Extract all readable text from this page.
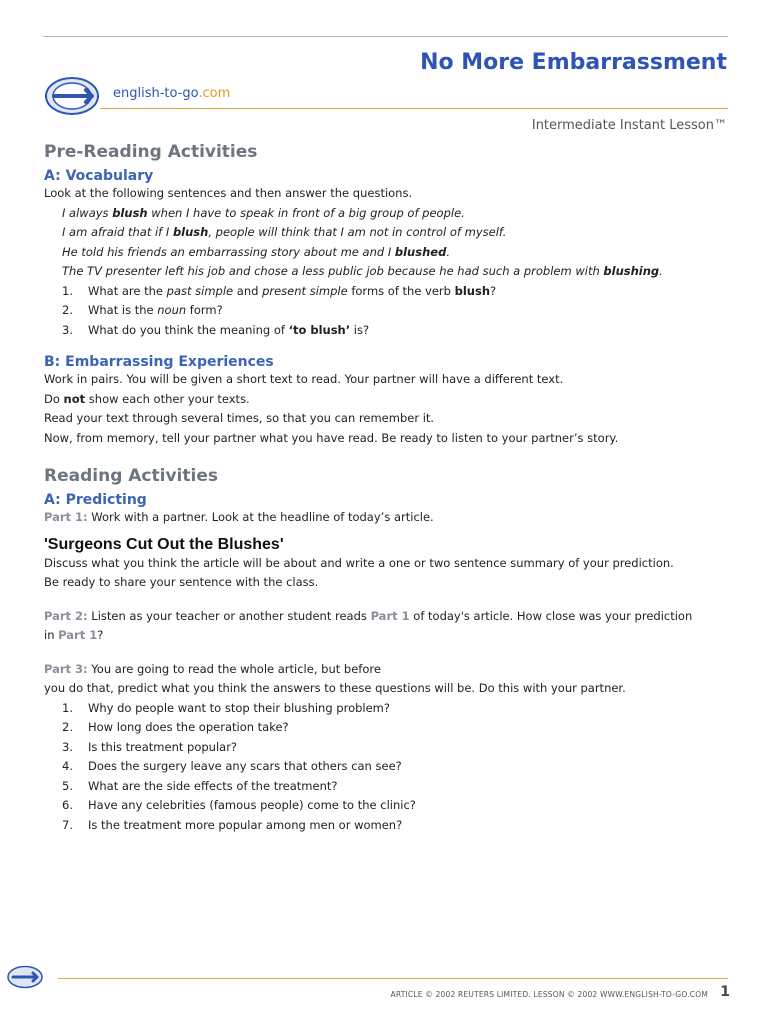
No More Embarrassment
english-to-go.com
Intermediate Instant Lesson™
Pre-Reading Activities
A: Vocabulary
Look at the following sentences and then answer the questions.
I always blush when I have to speak in front of a big group of people.
I am afraid that if I blush, people will think that I am not in control of myself.
He told his friends an embarrassing story about me and I blushed.
The TV presenter left his job and chose a less public job because he had such a problem with blushing.
1.	What are the past simple and present simple forms of the verb blush?
2.	What is the noun form?
3.	What do you think the meaning of ‘to blush’ is?
B: Embarrassing Experiences
Work in pairs. You will be given a short text to read. Your partner will have a different text.
Do not show each other your texts.
Read your text through several times, so that you can remember it.
Now, from memory, tell your partner what you have read. Be ready to listen to your partner’s story.
Reading Activities
A: Predicting
Part 1: Work with a partner. Look at the headline of today’s article.
'Surgeons Cut Out the Blushes'
Discuss what you think the article will be about and write a one or two sentence summary of your prediction.
Be ready to share your sentence with the class.
Part 2: Listen as your teacher or another student reads Part 1 of today's article. How close was your prediction
in Part 1?
Part 3: You are going to read the whole article, but before
you do that, predict what you think the answers to these questions will be. Do this with your partner.
1.	Why do people want to stop their blushing problem?
2.	How long does the operation take?
3.	Is this treatment popular?
4.	Does the surgery leave any scars that others can see?
5.	What are the side effects of the treatment?
6.	Have any celebrities (famous people) come to the clinic?
7.	Is the treatment more popular among men or women?
ARTICLE © 2002 REUTERS LIMITED. LESSON © 2002 WWW.ENGLISH-TO-GO.COM 1
